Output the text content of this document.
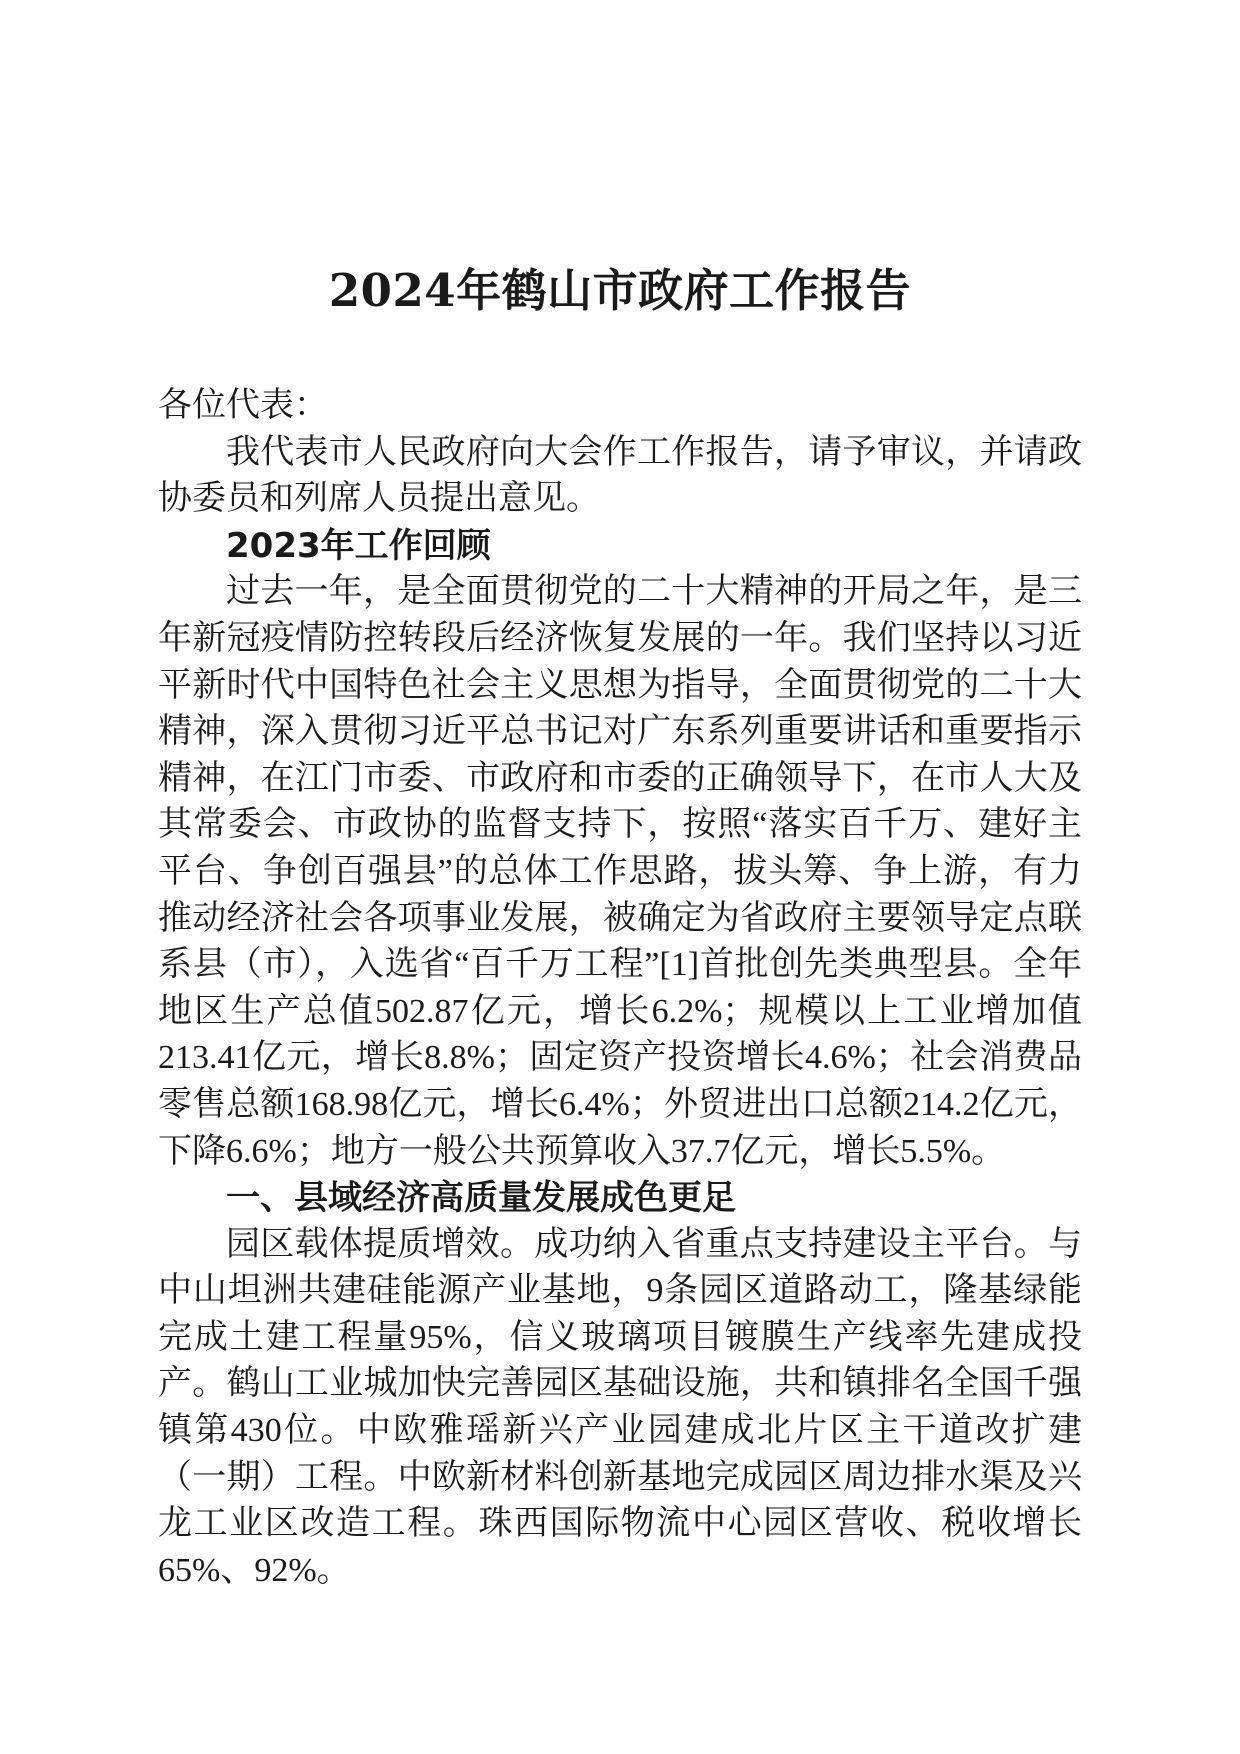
2024年鹤山市政府工作报告

各位代表：

我代表市人民政府向大会作工作报告，请予审议，并请政协委员和列席人员提出意见。

2023年工作回顾

过去一年，是全面贯彻党的二十大精神的开局之年，是三年新冠疫情防控转段后经济恢复发展的一年。我们坚持以习近平新时代中国特色社会主义思想为指导，全面贯彻党的二十大精神，深入贯彻习近平总书记对广东系列重要讲话和重要指示精神，在江门市委、市政府和市委的正确领导下，在市人大及其常委会、市政协的监督支持下，按照“落实百千万、建好主平台、争创百强县”的总体工作思路，拔头筹、争上游，有力推动经济社会各项事业发展，被确定为省政府主要领导定点联系县（市），入选省“百千万工程”[1]首批创先类典型县。全年地区生产总值502.87亿元，增长6.2%；规模以上工业增加值213.41亿元，增长8.8%；固定资产投资增长4.6%；社会消费品零售总额168.98亿元，增长6.4%；外贸进出口总额214.2亿元，下降6.6%；地方一般公共预算收入37.7亿元，增长5.5%。

一、县域经济高质量发展成色更足

园区载体提质增效。成功纳入省重点支持建设主平台。与中山坦洲共建硅能源产业基地，9条园区道路动工，隆基绿能完成土建工程量95%，信义玻璃项目镀膜生产线率先建成投产。鹤山工业城加快完善园区基础设施，共和镇排名全国千强镇第430位。中欧雅瑶新兴产业园建成北片区主干道改扩建（一期）工程。中欧新材料创新基地完成园区周边排水渠及兴龙工业区改造工程。珠西国际物流中心园区营收、税收增长65%、92%。
